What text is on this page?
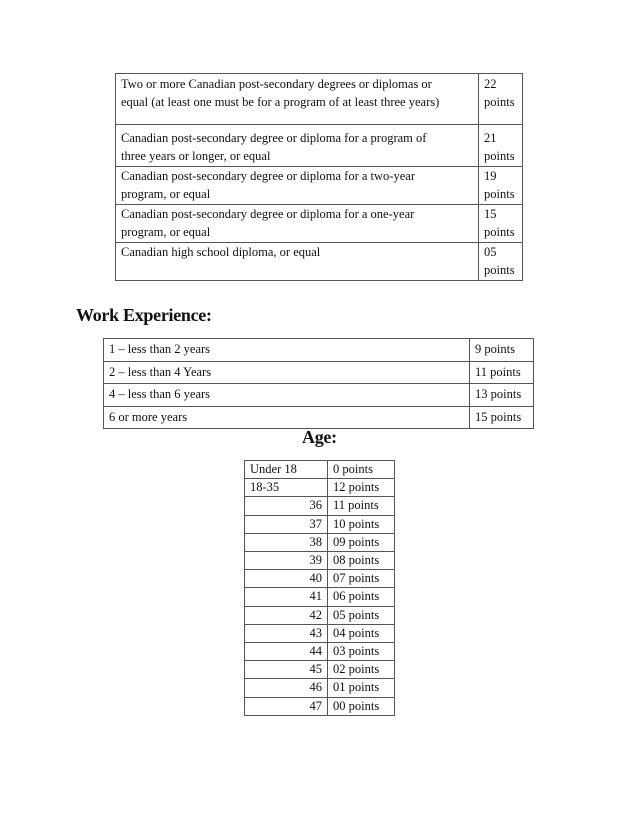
Two or more Canadian post-secondary degrees or diplomas or
equal (at least one must be for a program of at least three years)	22
points
Canadian post-secondary degree or diploma for a program of
three years or longer, or equal	21
points
Canadian post-secondary degree or diploma for a two-year
program, or equal	19
points
Canadian post-secondary degree or diploma for a one-year
program, or equal	15
points
Canadian high school diploma, or equal	05
points
Work Experience:
1 – less than 2 years	9 points
2 – less than 4 Years	11 points
4 – less than 6 years	13 points
6 or more years	15 points
Age:
Under 18	0 points
18-35	12 points
36	11 points
37	10 points
38	09 points
39	08 points
40	07 points
41	06 points
42	05 points
43	04 points
44	03 points
45	02 points
46	01 points
47	00 points
